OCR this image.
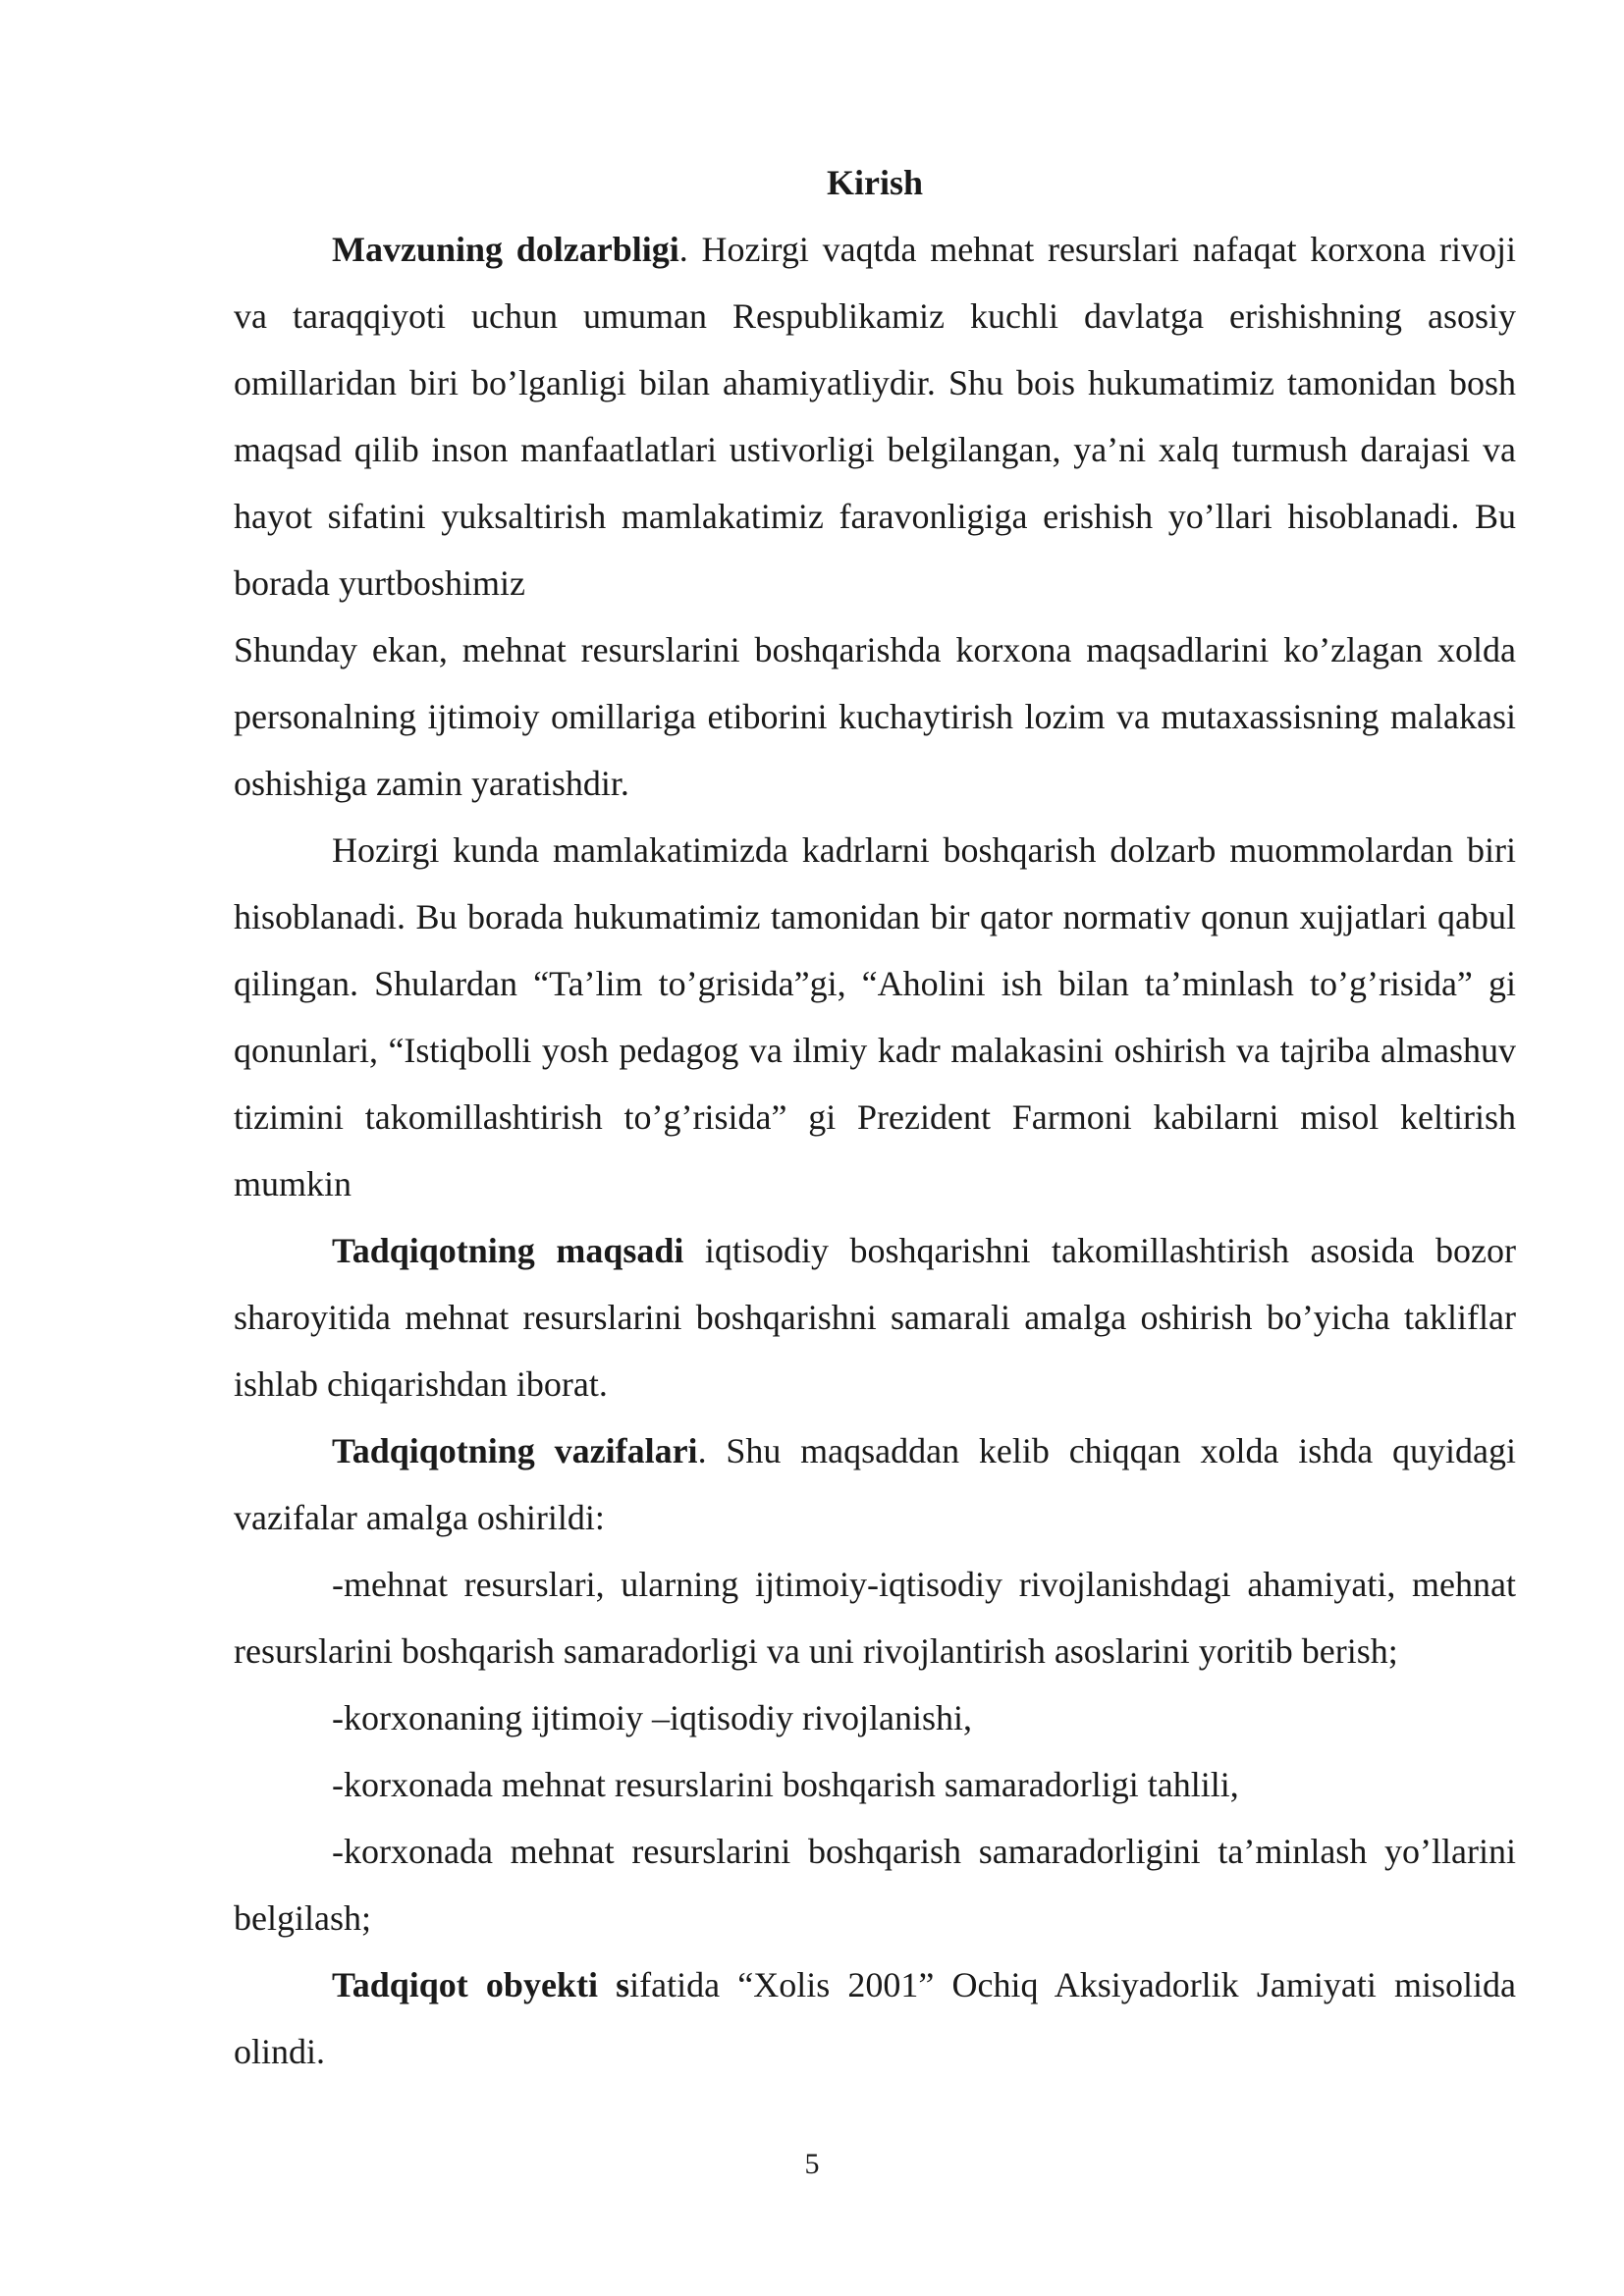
Kirish

Mavzuning dolzarbligi. Hozirgi vaqtda mehnat resurslari nafaqat korxona rivoji va taraqqiyoti uchun umuman Respublikamiz kuchli davlatga erishishning asosiy omillaridan biri bo’lganligi bilan ahamiyatliydir. Shu bois hukumatimiz tamonidan bosh maqsad qilib inson manfaatlatlari ustivorligi belgilangan, ya’ni xalq turmush darajasi va hayot sifatini yuksaltirish mamlakatimiz faravonligiga erishish yo’llari hisoblanadi. Bu borada yurtboshimiz

Shunday ekan, mehnat resurslarini boshqarishda korxona maqsadlarini ko’zlagan xolda personalning ijtimoiy omillariga etiborini kuchaytirish lozim va mutaxassisning malakasi oshishiga zamin yaratishdir.

Hozirgi kunda mamlakatimizda kadrlarni boshqarish dolzarb muommolardan biri hisoblanadi. Bu borada hukumatimiz tamonidan bir qator normativ qonun xujjatlari qabul qilingan. Shulardan “Ta’lim to’grisida”gi, “Aholini ish bilan ta’minlash to’g’risida” gi qonunlari, “Istiqbolli yosh pedagog va ilmiy kadr malakasini oshirish va tajriba almashuv tizimini takomillashtirish to’g’risida” gi Prezident Farmoni kabilarni misol keltirish mumkin

Tadqiqotning maqsadi iqtisodiy boshqarishni takomillashtirish asosida bozor sharoyitida mehnat resurslarini boshqarishni samarali amalga oshirish bo’yicha takliflar ishlab chiqarishdan iborat.

Tadqiqotning vazifalari. Shu maqsaddan kelib chiqqan xolda ishda quyidagi vazifalar amalga oshirildi:

-mehnat resurslari, ularning ijtimoiy-iqtisodiy rivojlanishdagi ahamiyati, mehnat resurslarini boshqarish samaradorligi va uni rivojlantirish asoslarini yoritib berish;

-korxonaning ijtimoiy –iqtisodiy rivojlanishi,

-korxonada mehnat resurslarini boshqarish samaradorligi tahlili,

-korxonada mehnat resurslarini boshqarish samaradorligini ta’minlash yo’llarini belgilash;

Tadqiqot obyekti sifatida “Xolis 2001” Ochiq Aksiyadorlik Jamiyati misolida olindi.

5
